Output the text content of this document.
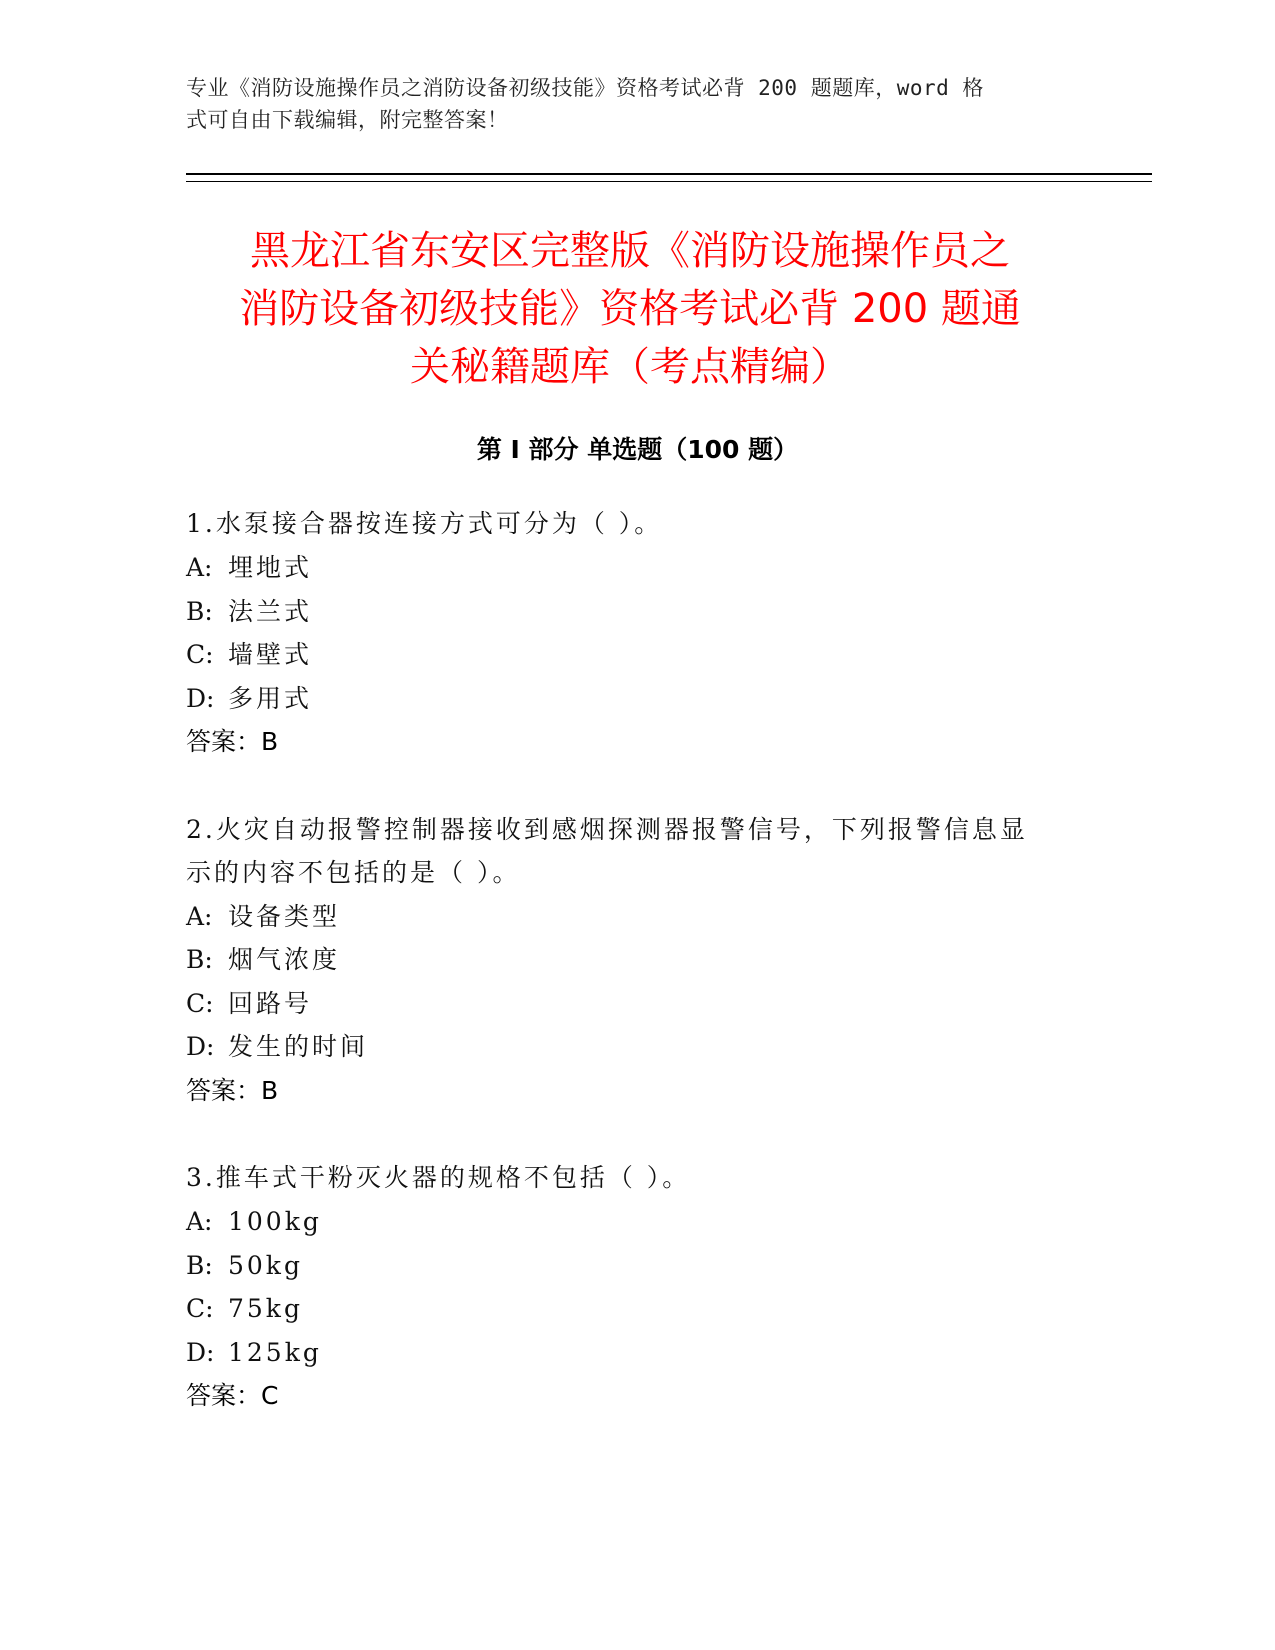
专业《消防设施操作员之消防设备初级技能》资格考试必背 200 题题库，word 格
式可自由下载编辑，附完整答案！
黑龙江省东安区完整版《消防设施操作员之
消防设备初级技能》资格考试必背 200 题通
关秘籍题库（考点精编）
第 I 部分 单选题（100 题）
1.水泵接合器按连接方式可分为（ ）。
A: 埋地式
B: 法兰式
C: 墙壁式
D: 多用式
答案：B
2.火灾自动报警控制器接收到感烟探测器报警信号，下列报警信息显
示的内容不包括的是（ ）。
A: 设备类型
B: 烟气浓度
C: 回路号
D: 发生的时间
答案：B
3.推车式干粉灭火器的规格不包括（ ）。
A: 100kg
B: 50kg
C: 75kg
D: 125kg
答案：C
